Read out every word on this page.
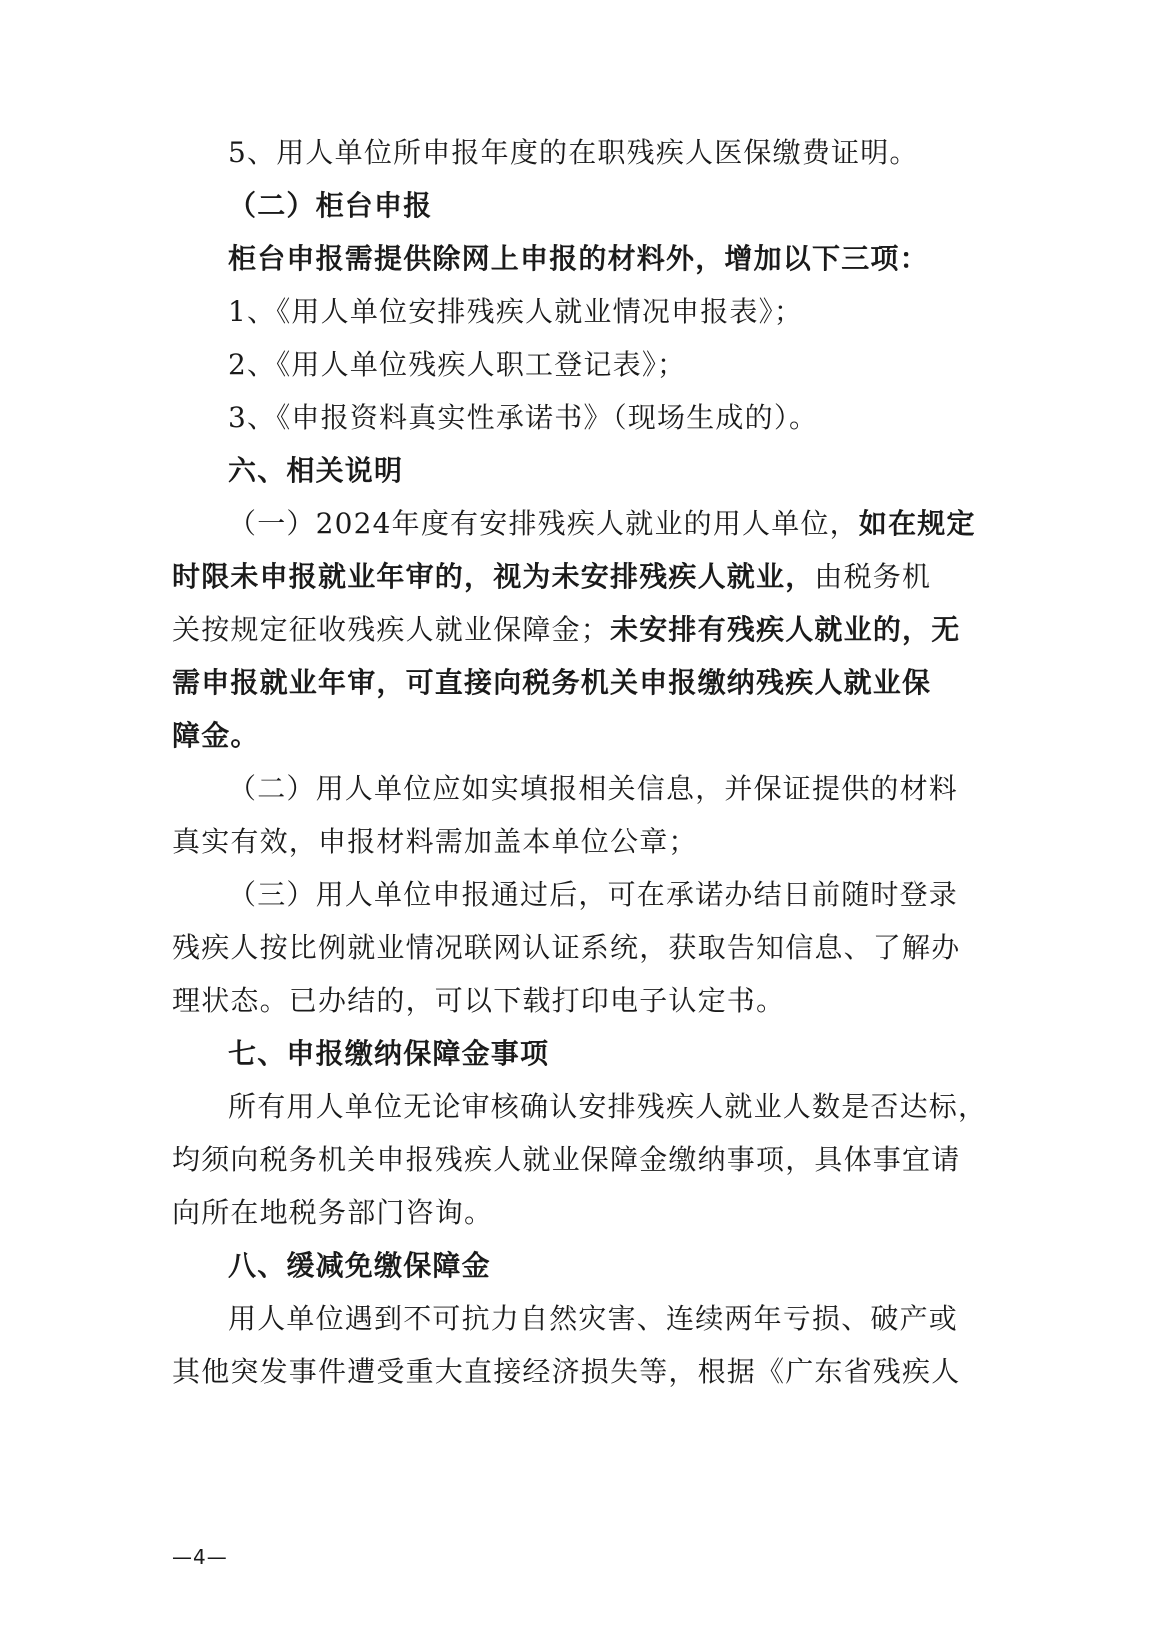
5、用人单位所申报年度的在职残疾人医保缴费证明。
（二）柜台申报
柜台申报需提供除网上申报的材料外，增加以下三项：
1、《用人单位安排残疾人就业情况申报表》；
2、《用人单位残疾人职工登记表》；
3、《申报资料真实性承诺书》（现场生成的）。
六、相关说明
（一）2024年度有安排残疾人就业的用人单位，如在规定
时限未申报就业年审的，视为未安排残疾人就业，由税务机
关按规定征收残疾人就业保障金；未安排有残疾人就业的，无
需申报就业年审，可直接向税务机关申报缴纳残疾人就业保
障金。
（二）用人单位应如实填报相关信息，并保证提供的材料
真实有效，申报材料需加盖本单位公章；
（三）用人单位申报通过后，可在承诺办结日前随时登录
残疾人按比例就业情况联网认证系统，获取告知信息、了解办
理状态。已办结的，可以下载打印电子认定书。
七、申报缴纳保障金事项
所有用人单位无论审核确认安排残疾人就业人数是否达标，
均须向税务机关申报残疾人就业保障金缴纳事项，具体事宜请
向所在地税务部门咨询。
八、缓减免缴保障金
用人单位遇到不可抗力自然灾害、连续两年亏损、破产或
其他突发事件遭受重大直接经济损失等，根据《广东省残疾人
—4—
